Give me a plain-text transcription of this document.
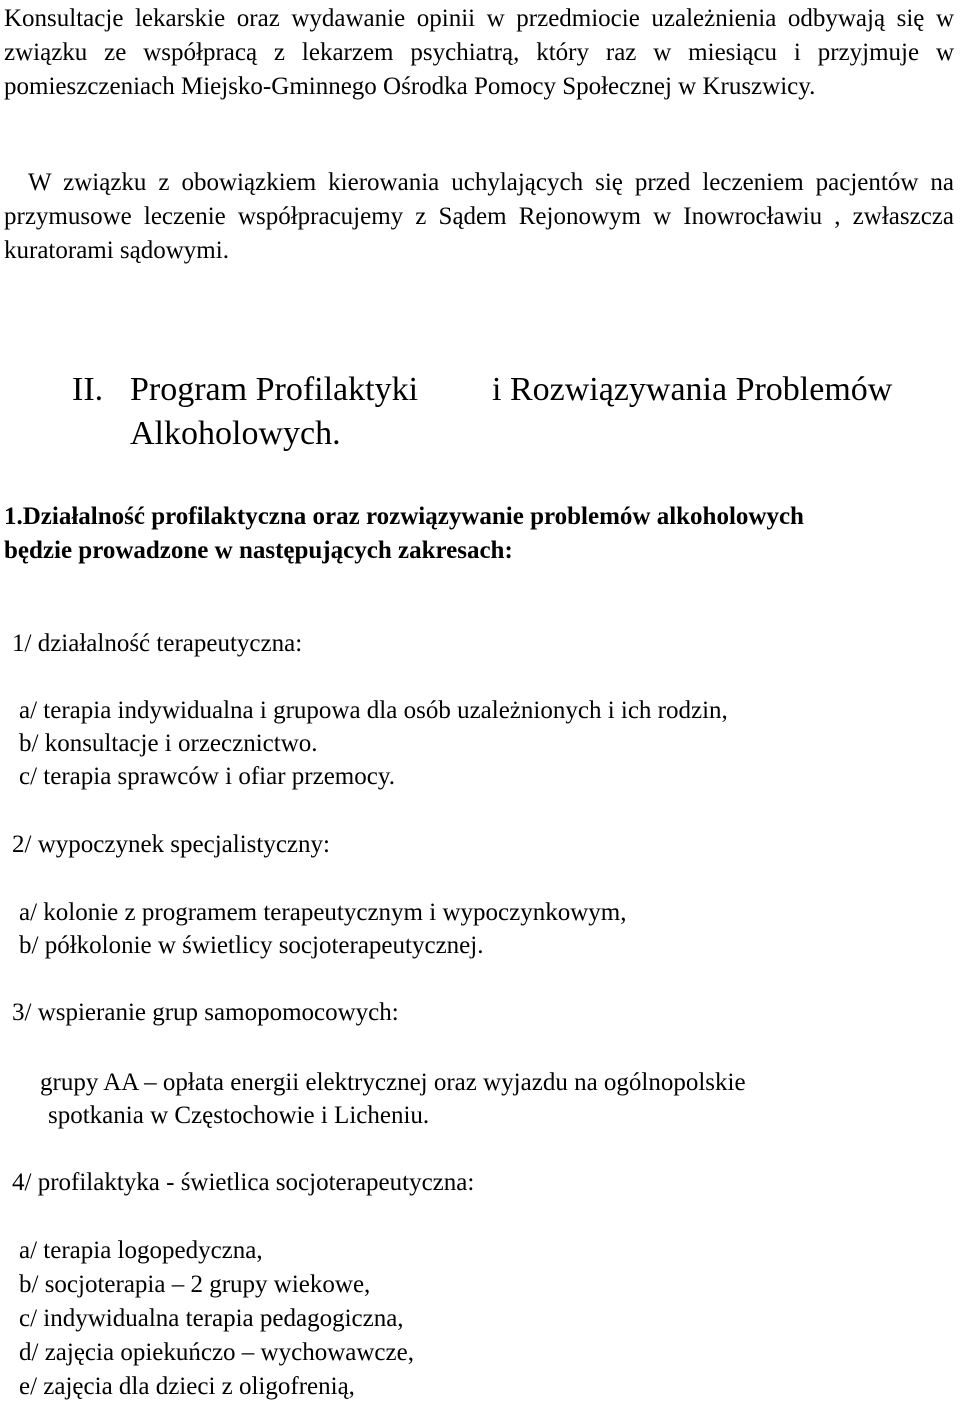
Konsultacje lekarskie oraz wydawanie opinii w przedmiocie uzależnienia odbywają się w związku ze współpracą z lekarzem psychiatrą, który raz w miesiącu i przyjmuje w pomieszczeniach Miejsko-Gminnego Ośrodka Pomocy Społecznej w Kruszwicy.

W związku z obowiązkiem kierowania uchylających się przed leczeniem pacjentów na przymusowe leczenie współpracujemy z Sądem Rejonowym w Inowrocławiu , zwłaszcza kuratorami sądowymi.

II. Program Profilaktyki i Rozwiązywania Problemów
Alkoholowych.

1.Działalność profilaktyczna oraz rozwiązywanie problemów alkoholowych

będzie prowadzone w następujących zakresach:

1/ działalność terapeutyczna:

a/ terapia indywidualna i grupowa dla osób uzależnionych i ich rodzin,

b/ konsultacje i orzecznictwo.

c/ terapia sprawców i ofiar przemocy.

2/ wypoczynek specjalistyczny:

a/ kolonie z programem terapeutycznym i wypoczynkowym,

b/ półkolonie w świetlicy socjoterapeutycznej.

3/ wspieranie grup samopomocowych:

grupy AA – opłata energii elektrycznej oraz wyjazdu na ogólnopolskie

spotkania w Częstochowie i Licheniu.

4/ profilaktyka - świetlica socjoterapeutyczna:

a/ terapia logopedyczna,

b/ socjoterapia – 2 grupy wiekowe,

c/ indywidualna terapia pedagogiczna,

d/ zajęcia opiekuńczo – wychowawcze,

e/ zajęcia dla dzieci z oligofrenią,
